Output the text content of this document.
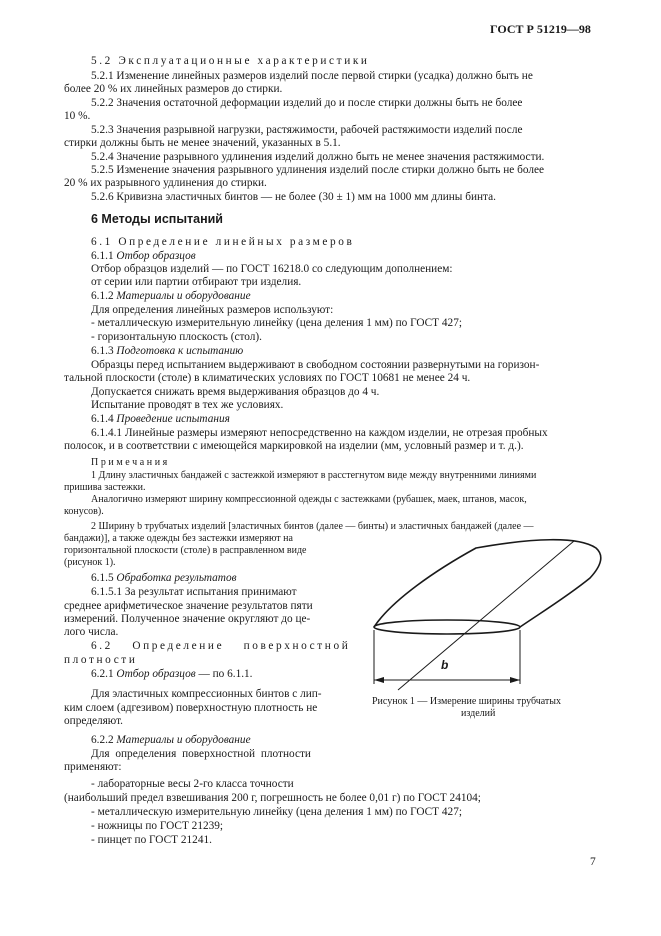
ГОСТ Р 51219—98
5.2 Эксплуатационные характеристики
5.2.1 Изменение линейных размеров изделий после первой стирки (усадка) должно быть не
более 20 % их линейных размеров до стирки.
5.2.2 Значения остаточной деформации изделий до и после стирки должны быть не более
10 %.
5.2.3 Значения разрывной нагрузки, растяжимости, рабочей растяжимости изделий после
стирки должны быть не менее значений, указанных в 5.1.
5.2.4 Значение разрывного удлинения изделий должно быть не менее значения растяжимости.
5.2.5 Изменение значения разрывного удлинения изделий после стирки должно быть не более
20 % их разрывного удлинения до стирки.
5.2.6 Кривизна эластичных бинтов — не более (30 ± 1) мм на 1000 мм длины бинта.
6 Методы испытаний
6.1 Определение линейных размеров
6.1.1 Отбор образцов
Отбор образцов изделий — по ГОСТ 16218.0 со следующим дополнением:
от серии или партии отбирают три изделия.
6.1.2 Материалы и оборудование
Для определения линейных размеров используют:
- металлическую измерительную линейку (цена деления 1 мм) по ГОСТ 427;
- горизонтальную плоскость (стол).
6.1.3 Подготовка к испытанию
Образцы перед испытанием выдерживают в свободном состоянии развернутыми на горизон-
тальной плоскости (столе) в климатических условиях по ГОСТ 10681 не менее 24 ч.
Допускается снижать время выдерживания образцов до 4 ч.
Испытание проводят в тех же условиях.
6.1.4 Проведение испытания
6.1.4.1 Линейные размеры измеряют непосредственно на каждом изделии, не отрезая пробных
полосок, и в соответствии с имеющейся маркировкой на изделии (мм, условный размер и т. д.).
Примечания
1 Длину эластичных бандажей с застежкой измеряют в расстегнутом виде между внутренними линиями
пришива застежки.
Аналогично измеряют ширину компрессионной одежды с застежками (рубашек, маек, штанов, масок,
конусов).
2 Ширину b трубчатых изделий [эластичных бинтов (далее — бинты) и эластичных бандажей (далее —
бандажи)], а также одежды без застежки измеряют на
горизонтальной плоскости (столе) в расправленном виде
(рисунок 1).
6.1.5 Обработка результатов
6.1.5.1 За результат испытания принимают
среднее арифметическое значение результатов пяти
измерений. Полученное значение округляют до це-
лого числа.
6.2 Определение поверхностной
плотности
6.2.1 Отбор образцов — по 6.1.1.
Для эластичных компрессионных бинтов с лип-
ким слоем (адгезивом) поверхностную плотность не
определяют.
6.2.2 Материалы и оборудование
Для определения поверхностной плотности
применяют:
- лабораторные весы 2-го класса точности
(наибольший предел взвешивания 200 г, погрешность не более 0,01 г) по ГОСТ 24104;
- металлическую измерительную линейку (цена деления 1 мм) по ГОСТ 427;
- ножницы по ГОСТ 21239;
- пинцет по ГОСТ 21241.
b
Рисунок 1 — Измерение ширины трубчатых
изделий
7
